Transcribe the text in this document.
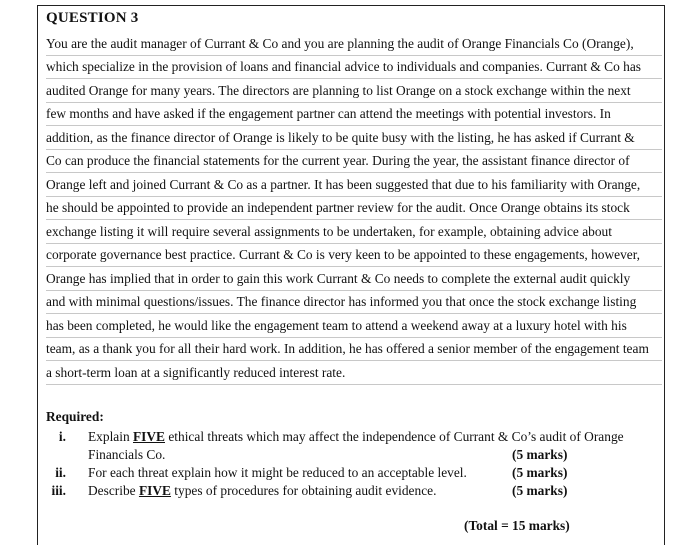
QUESTION 3
You are the audit manager of Currant & Co and you are planning the audit of Orange Financials Co (Orange),
which specialize in the provision of loans and financial advice to individuals and companies. Currant & Co has
audited Orange for many years. The directors are planning to list Orange on a stock exchange within the next
few months and have asked if the engagement partner can attend the meetings with potential investors. In
addition, as the finance director of Orange is likely to be quite busy with the listing, he has asked if Currant &
Co can produce the financial statements for the current year. During the year, the assistant finance director of
Orange left and joined Currant & Co as a partner. It has been suggested that due to his familiarity with Orange,
he should be appointed to provide an independent partner review for the audit. Once Orange obtains its stock
exchange listing it will require several assignments to be undertaken, for example, obtaining advice about
corporate governance best practice. Currant & Co is very keen to be appointed to these engagements, however,
Orange has implied that in order to gain this work Currant & Co needs to complete the external audit quickly
and with minimal questions/issues. The finance director has informed you that once the stock exchange listing
has been completed, he would like the engagement team to attend a weekend away at a luxury hotel with his
team, as a thank you for all their hard work. In addition, he has offered a senior member of the engagement team
a short-term loan at a significantly reduced interest rate.
Required:
i. Explain FIVE ethical threats which may affect the independence of Currant & Co’s audit of Orange
Financials Co.	(5 marks)
ii. For each threat explain how it might be reduced to an acceptable level.	(5 marks)
iii. Describe FIVE types of procedures for obtaining audit evidence.	(5 marks)
(Total = 15 marks)
